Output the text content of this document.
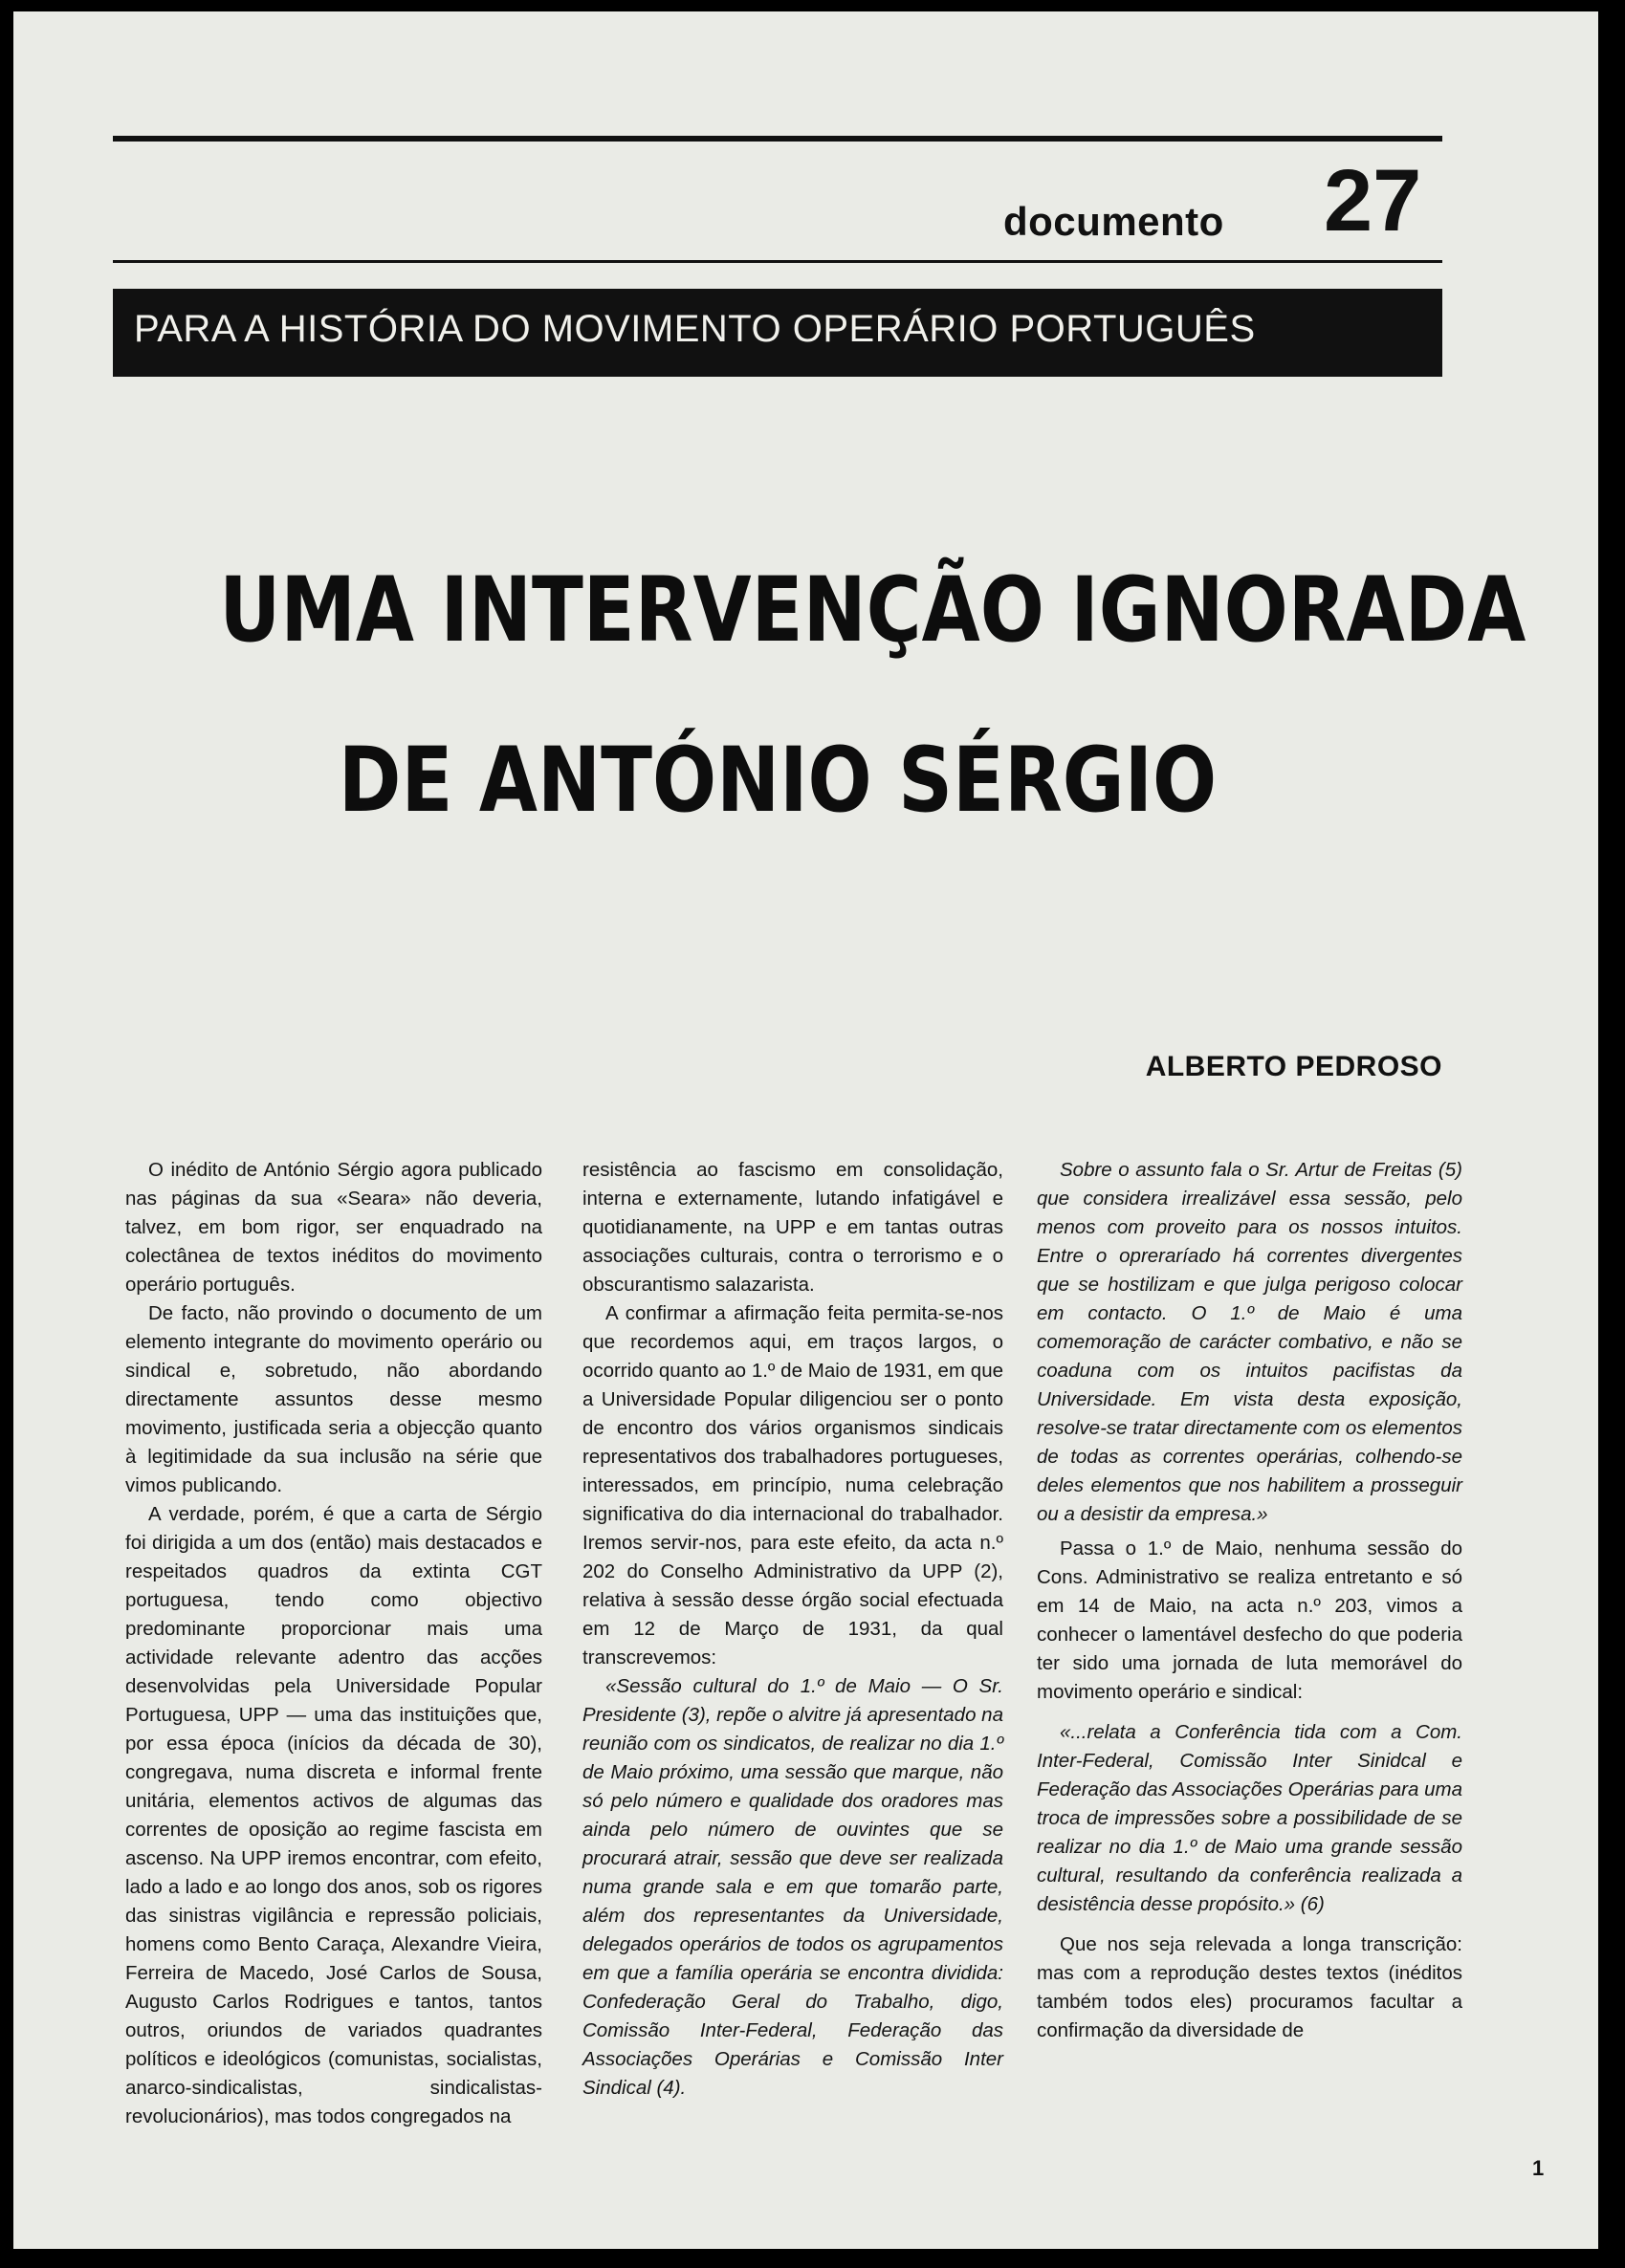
documento 27
PARA A HISTÓRIA DO MOVIMENTO OPERÁRIO PORTUGUÊS
UMA INTERVENÇÃO IGNORADA
DE ANTÓNIO SÉRGIO
ALBERTO PEDROSO

O inédito de António Sérgio agora publicado nas páginas da sua «Seara» não deveria, talvez, em bom rigor, ser enquadrado na colectânea de textos inéditos do movimento operário português.

De facto, não provindo o documento de um elemento integrante do movimento operário ou sindical e, sobretudo, não abordando directamente assuntos desse mesmo movimento, justificada seria a objecção quanto à legitimidade da sua inclusão na série que vimos publicando.

A verdade, porém, é que a carta de Sérgio foi dirigida a um dos (então) mais destacados e respeitados quadros da extinta CGT portuguesa, tendo como objectivo predominante proporcionar mais uma actividade relevante adentro das acções desenvolvidas pela Universidade Popular Portuguesa, UPP — uma das instituições que, por essa época (inícios da década de 30), congregava, numa discreta e informal frente unitária, elementos activos de algumas das correntes de oposição ao regime fascista em ascenso. Na UPP iremos encontrar, com efeito, lado a lado e ao longo dos anos, sob os rigores das sinistras vigilância e repressão policiais, homens como Bento Caraça, Alexandre Vieira, Ferreira de Macedo, José Carlos de Sousa, Augusto Carlos Rodrigues e tantos, tantos outros, oriundos de variados quadrantes políticos e ideológicos (comunistas, socialistas, anarco-sindicalistas, sindicalistas-revolucionários), mas todos congregados na

resistência ao fascismo em consolidação, interna e externamente, lutando infatigável e quotidianamente, na UPP e em tantas outras associações culturais, contra o terrorismo e o obscurantismo salazarista.

A confirmar a afirmação feita permita-se-nos que recordemos aqui, em traços largos, o ocorrido quanto ao 1.º de Maio de 1931, em que a Universidade Popular diligenciou ser o ponto de encontro dos vários organismos sindicais representativos dos trabalhadores portugueses, interessados, em princípio, numa celebração significativa do dia internacional do trabalhador. Iremos servir-nos, para este efeito, da acta n.º 202 do Conselho Administrativo da UPP (2), relativa à sessão desse órgão social efectuada em 12 de Março de 1931, da qual transcrevemos:

«Sessão cultural do 1.º de Maio — O Sr. Presidente (3), repõe o alvitre já apresentado na reunião com os sindicatos, de realizar no dia 1.º de Maio próximo, uma sessão que marque, não só pelo número e qualidade dos oradores mas ainda pelo número de ouvintes que se procurará atrair, sessão que deve ser realizada numa grande sala e em que tomarão parte, além dos representantes da Universidade, delegados operários de todos os agrupamentos em que a família operária se encontra dividida: Confederação Geral do Trabalho, digo, Comissão Inter-Federal, Federação das Associações Operárias e Comissão Inter Sindical (4).

Sobre o assunto fala o Sr. Artur de Freitas (5) que considera irrealizável essa sessão, pelo menos com proveito para os nossos intuitos. Entre o opreraríado há correntes divergentes que se hostilizam e que julga perigoso colocar em contacto. O 1.º de Maio é uma comemoração de carácter combativo, e não se coaduna com os intuitos pacifistas da Universidade. Em vista desta exposição, resolve-se tratar directamente com os elementos de todas as correntes operárias, colhendo-se deles elementos que nos habilitem a prosseguir ou a desistir da empresa.»

Passa o 1.º de Maio, nenhuma sessão do Cons. Administrativo se realiza entretanto e só em 14 de Maio, na acta n.º 203, vimos a conhecer o lamentável desfecho do que poderia ter sido uma jornada de luta memorável do movimento operário e sindical:

«...relata a Conferência tida com a Com. Inter-Federal, Comissão Inter Sinidcal e Federação das Associações Operárias para uma troca de impressões sobre a possibilidade de se realizar no dia 1.º de Maio uma grande sessão cultural, resultando da conferência realizada a desistência desse propósito.» (6)

Que nos seja relevada a longa transcrição: mas com a reprodução destes textos (inéditos também todos eles) procuramos facultar a confirmação da diversidade de

1
